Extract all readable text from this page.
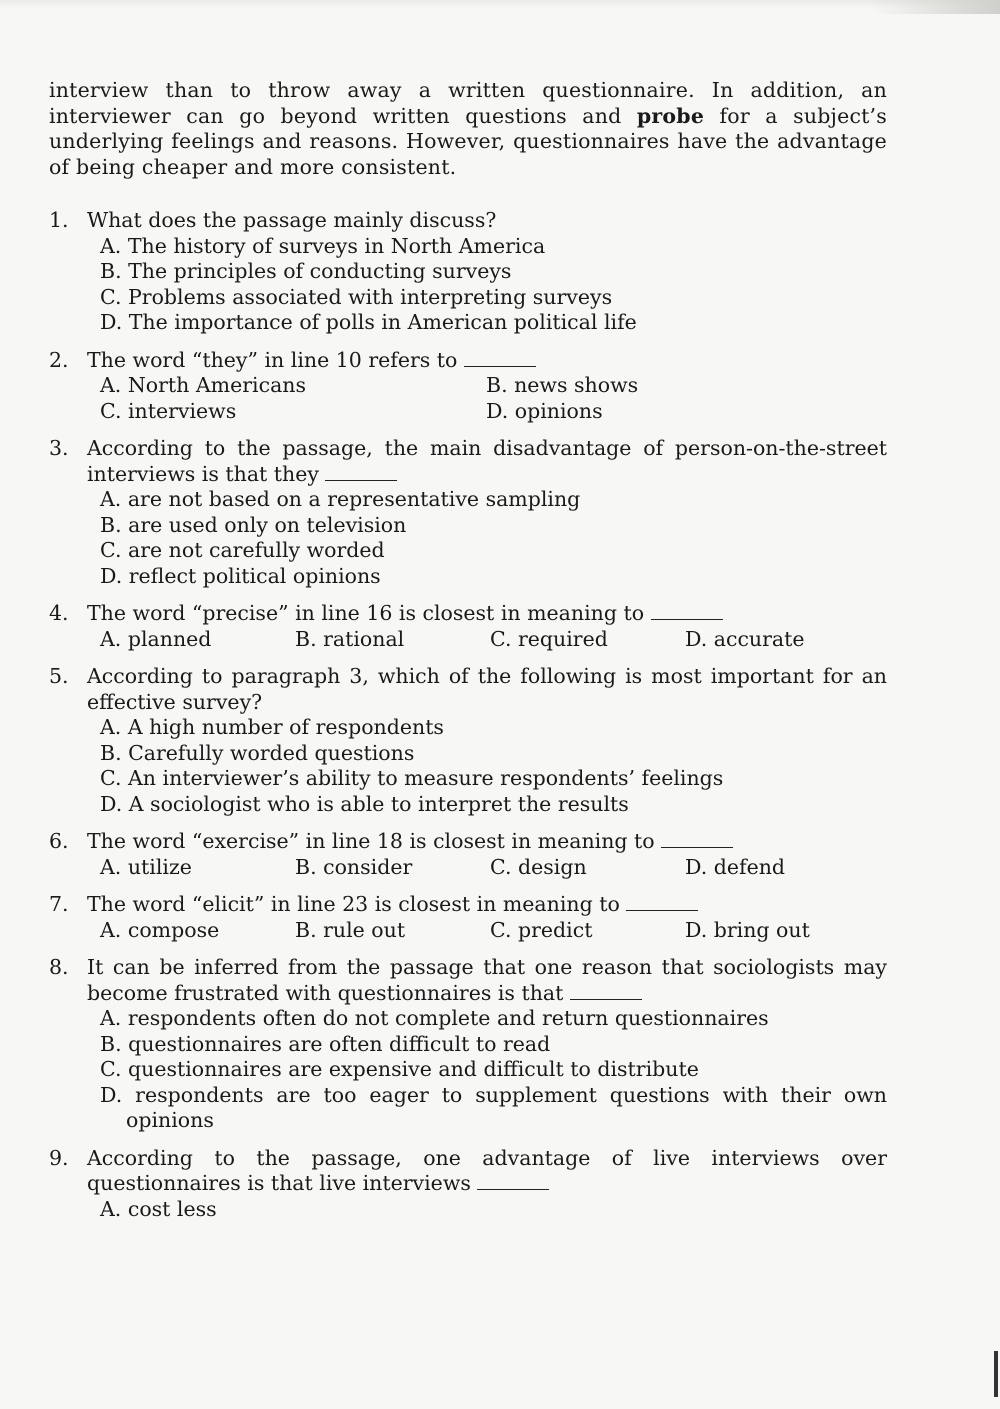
interview than to throw away a written questionnaire. In addition, an interviewer can go beyond written questions and probe for a subject’s underlying feelings and reasons. However, questionnaires have the advantage of being cheaper and more consistent.

1. What does the passage mainly discuss?
A. The history of surveys in North America
B. The principles of conducting surveys
C. Problems associated with interpreting surveys
D. The importance of polls in American political life
2. The word “they” in line 10 refers to
A. North Americans	B. news shows
C. interviews	D. opinions
3. According to the passage, the main disadvantage of person-on-the-street interviews is that they
A. are not based on a representative sampling
B. are used only on television
C. are not carefully worded
D. reflect political opinions
4. The word “precise” in line 16 is closest in meaning to
A. planned	B. rational	C. required	D. accurate
5. According to paragraph 3, which of the following is most important for an effective survey?
A. A high number of respondents
B. Carefully worded questions
C. An interviewer’s ability to measure respondents’ feelings
D. A sociologist who is able to interpret the results
6. The word “exercise” in line 18 is closest in meaning to
A. utilize	B. consider	C. design	D. defend
7. The word “elicit” in line 23 is closest in meaning to
A. compose	B. rule out	C. predict	D. bring out
8. It can be inferred from the passage that one reason that sociologists may become frustrated with questionnaires is that
A. respondents often do not complete and return questionnaires
B. questionnaires are often difficult to read
C. questionnaires are expensive and difficult to distribute
D. respondents are too eager to supplement questions with their own opinions
9. According to the passage, one advantage of live interviews over questionnaires is that live interviews
A. cost less
